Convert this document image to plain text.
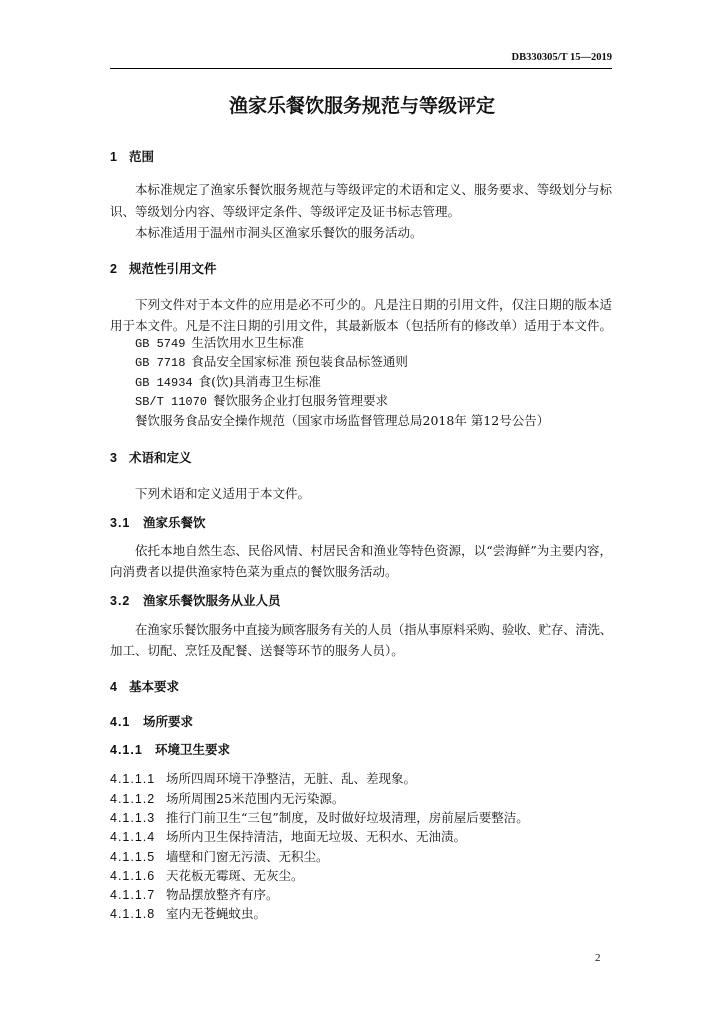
DB330305/T 15—2019
渔家乐餐饮服务规范与等级评定
1 范围
本标准规定了渔家乐餐饮服务规范与等级评定的术语和定义、服务要求、等级划分与标
识、等级划分内容、等级评定条件、等级评定及证书标志管理。
本标准适用于温州市洞头区渔家乐餐饮的服务活动。
2 规范性引用文件
下列文件对于本文件的应用是必不可少的。凡是注日期的引用文件，仅注日期的版本适
用于本文件。凡是不注日期的引用文件，其最新版本（包括所有的修改单）适用于本文件。
GB 5749 生活饮用水卫生标准
GB 7718 食品安全国家标准 预包装食品标签通则
GB 14934 食(饮)具消毒卫生标准
SB/T 11070 餐饮服务企业打包服务管理要求
餐饮服务食品安全操作规范（国家市场监督管理总局2018年 第12号公告）
3 术语和定义
下列术语和定义适用于本文件。
3.1 渔家乐餐饮
依托本地自然生态、民俗风情、村居民舍和渔业等特色资源，以“尝海鲜”为主要内容，
向消费者以提供渔家特色菜为重点的餐饮服务活动。
3.2 渔家乐餐饮服务从业人员
在渔家乐餐饮服务中直接为顾客服务有关的人员（指从事原料采购、验收、贮存、清洗、
加工、切配、烹饪及配餐、送餐等环节的服务人员）。
4 基本要求
4.1 场所要求
4.1.1 环境卫生要求
4.1.1.1 场所四周环境干净整洁，无脏、乱、差现象。
4.1.1.2 场所周围25米范围内无污染源。
4.1.1.3 推行门前卫生“三包”制度，及时做好垃圾清理，房前屋后要整洁。
4.1.1.4 场所内卫生保持清洁，地面无垃圾、无积水、无油渍。
4.1.1.5 墙壁和门窗无污渍、无积尘。
4.1.1.6 天花板无霉斑、无灰尘。
4.1.1.7 物品摆放整齐有序。
4.1.1.8 室内无苍蝇蚊虫。
2
